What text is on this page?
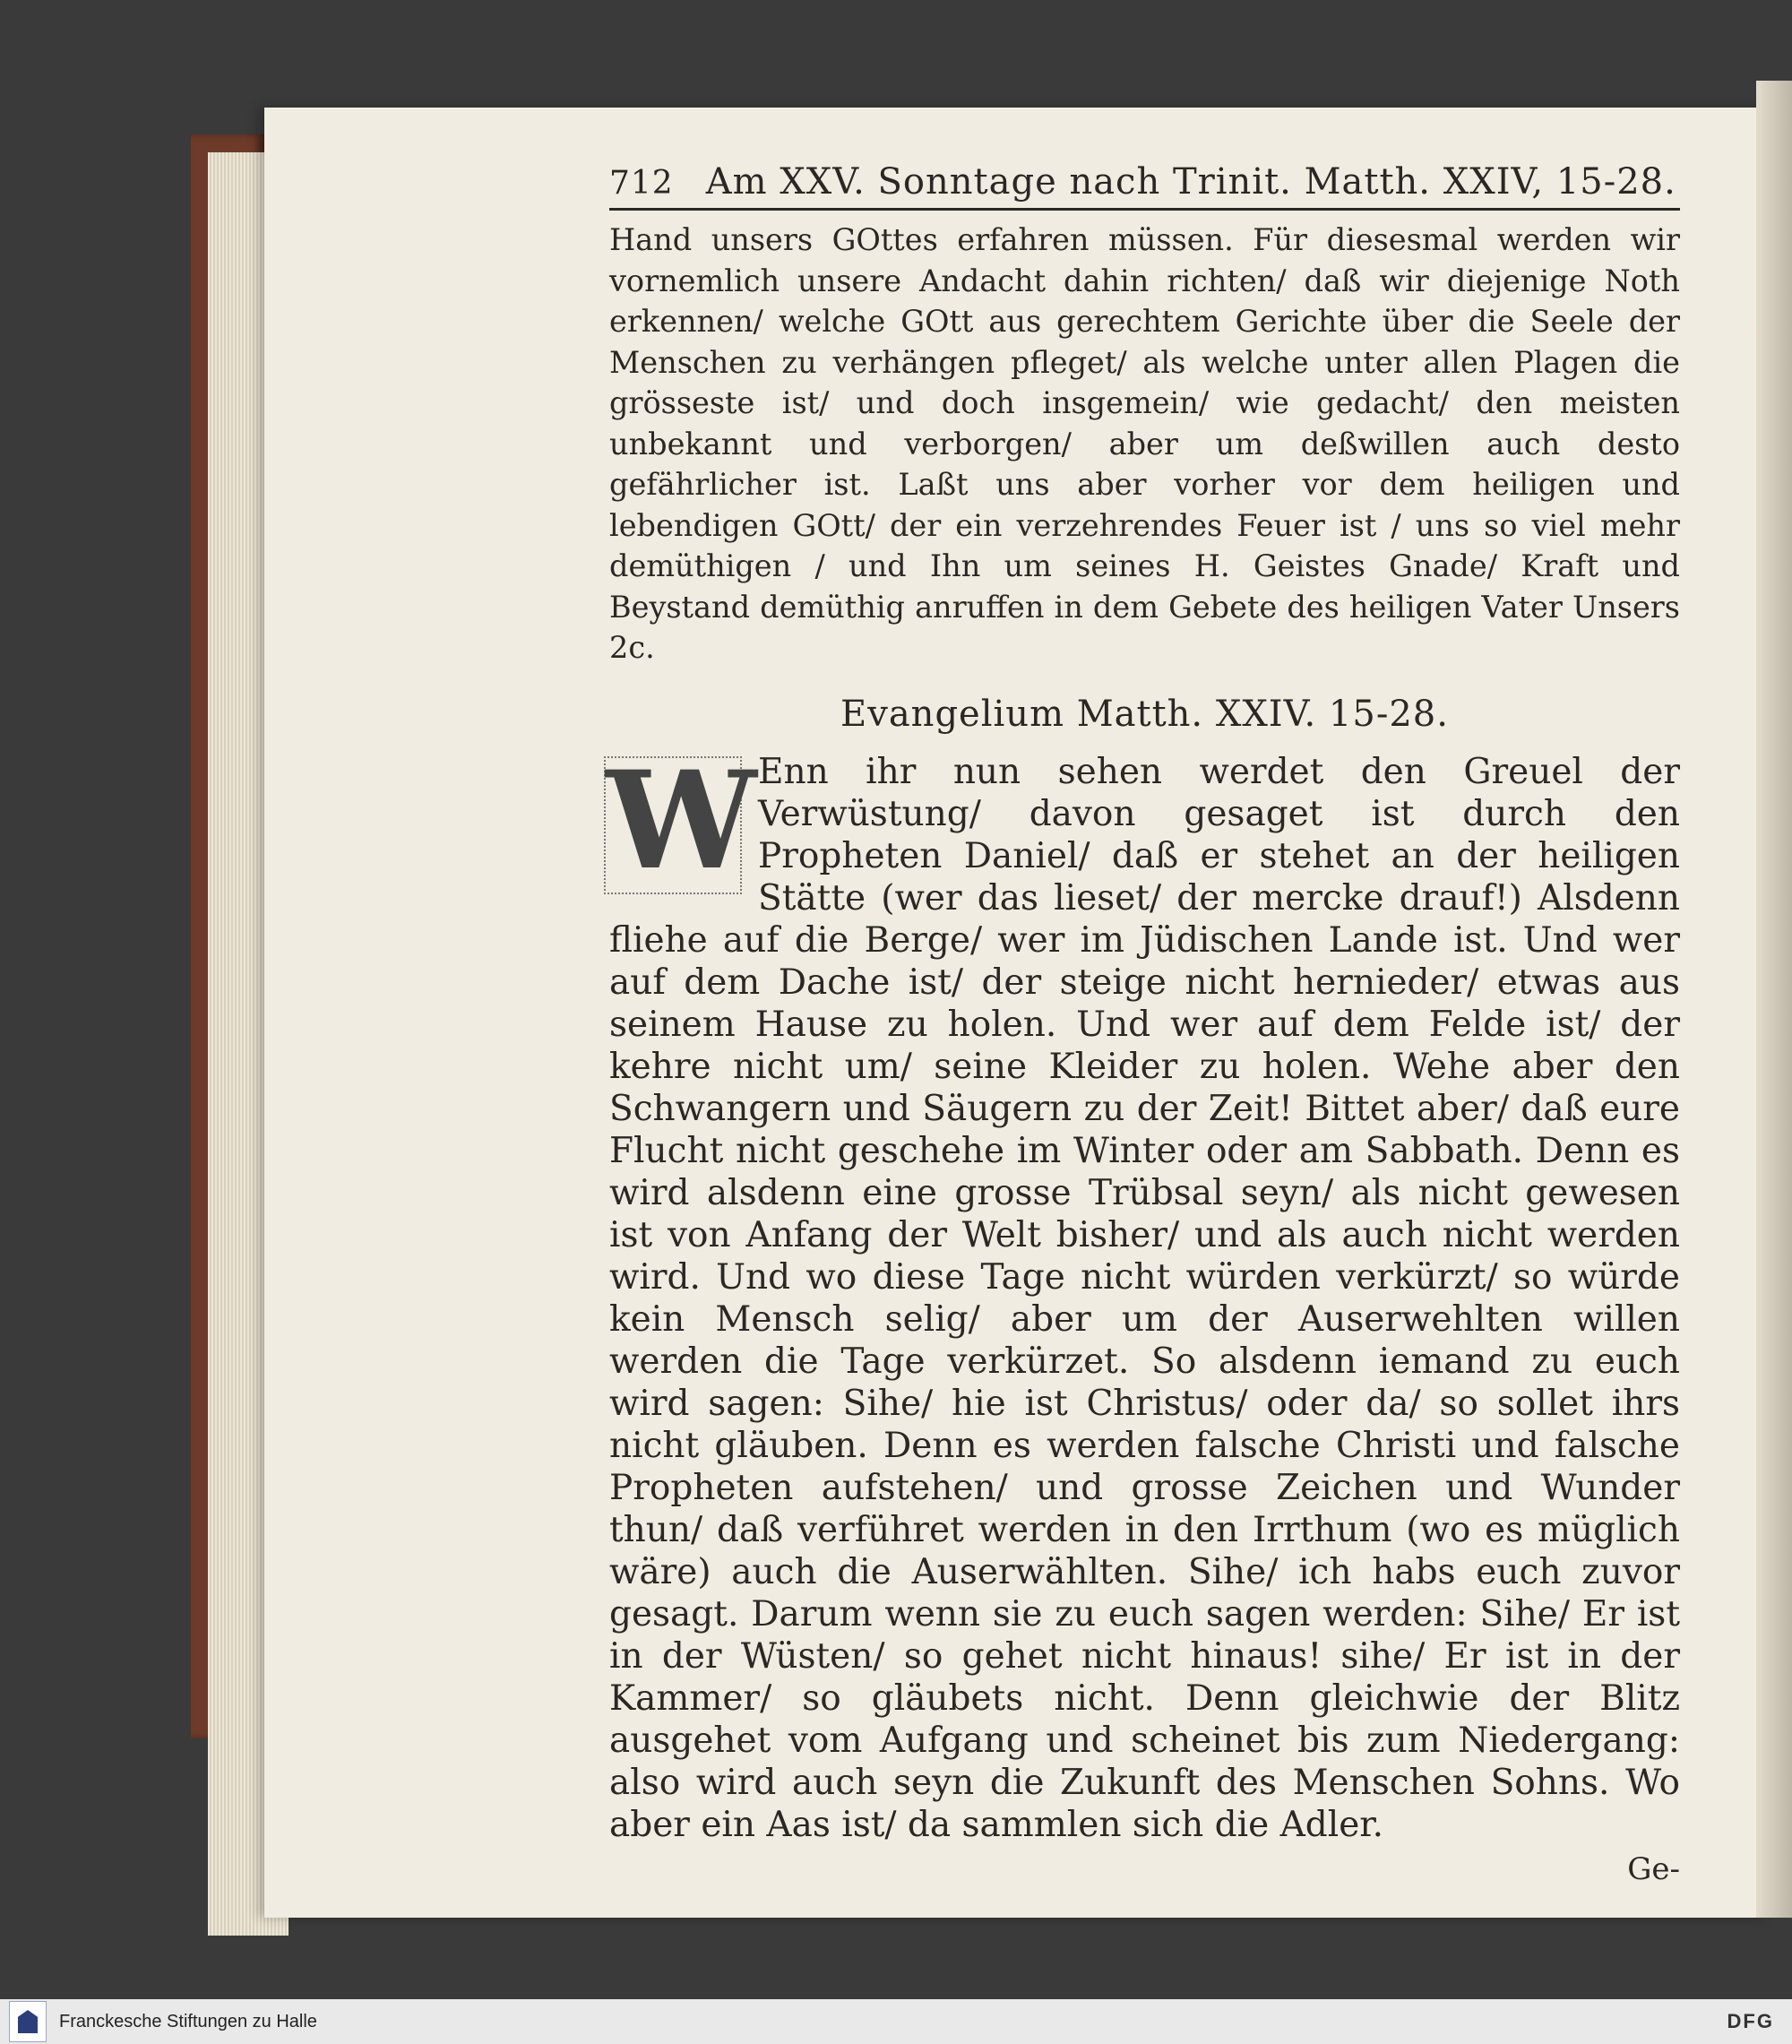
712 Am XXV. Sonntage nach Trinit. Matth. XXIV, 15-28.
Hand unsers GOttes erfahren müssen. Für diesesmal werden wir vornemlich unsere Andacht dahin richten/ daß wir diejenige Noth erkennen/ welche GOtt aus gerechtem Gerichte über die Seele der Menschen zu verhängen pfleget/ als welche unter allen Plagen die grösseste ist/ und doch insgemein/ wie gedacht/ den meisten unbekannt und verborgen/ aber um deßwillen auch desto gefährlicher ist. Laßt uns aber vorher vor dem heiligen und lebendigen GOtt/ der ein verzehrendes Feuer ist / uns so viel mehr demüthigen / und Ihn um seines H. Geistes Gnade/ Kraft und Beystand demüthig anruffen in dem Gebete des heiligen Vater Unsers 2c.
Evangelium Matth. XXIV. 15-28.
W Enn ihr nun sehen werdet den Greuel der Verwüstung/ davon gesaget ist durch den Propheten Daniel/ daß er stehet an der heiligen Stätte (wer das lieset/ der mercke drauf!) Alsdenn fliehe auf die Berge/ wer im Jüdischen Lande ist. Und wer auf dem Dache ist/ der steige nicht hernieder/ etwas aus seinem Hause zu holen. Und wer auf dem Felde ist/ der kehre nicht um/ seine Kleider zu holen. Wehe aber den Schwangern und Säugern zu der Zeit! Bittet aber/ daß eure Flucht nicht geschehe im Winter oder am Sabbath. Denn es wird alsdenn eine grosse Trübsal seyn/ als nicht gewesen ist von Anfang der Welt bisher/ und als auch nicht werden wird. Und wo diese Tage nicht würden verkürzt/ so würde kein Mensch selig/ aber um der Auserwehlten willen werden die Tage verkürzet. So alsdenn iemand zu euch wird sagen: Sihe/ hie ist Christus/ oder da/ so sollet ihrs nicht gläuben. Denn es werden falsche Christi und falsche Propheten aufstehen/ und grosse Zeichen und Wunder thun/ daß verführet werden in den Irrthum (wo es müglich wäre) auch die Auserwählten. Sihe/ ich habs euch zuvor gesagt. Darum wenn sie zu euch sagen werden: Sihe/ Er ist in der Wüsten/ so gehet nicht hinaus! sihe/ Er ist in der Kammer/ so gläubets nicht. Denn gleichwie der Blitz ausgehet vom Aufgang und scheinet bis zum Niedergang: also wird auch seyn die Zukunft des Menschen Sohns. Wo aber ein Aas ist/ da sammlen sich die Adler.
Ge-
Franckesche Stiftungen zu Halle	DFG
